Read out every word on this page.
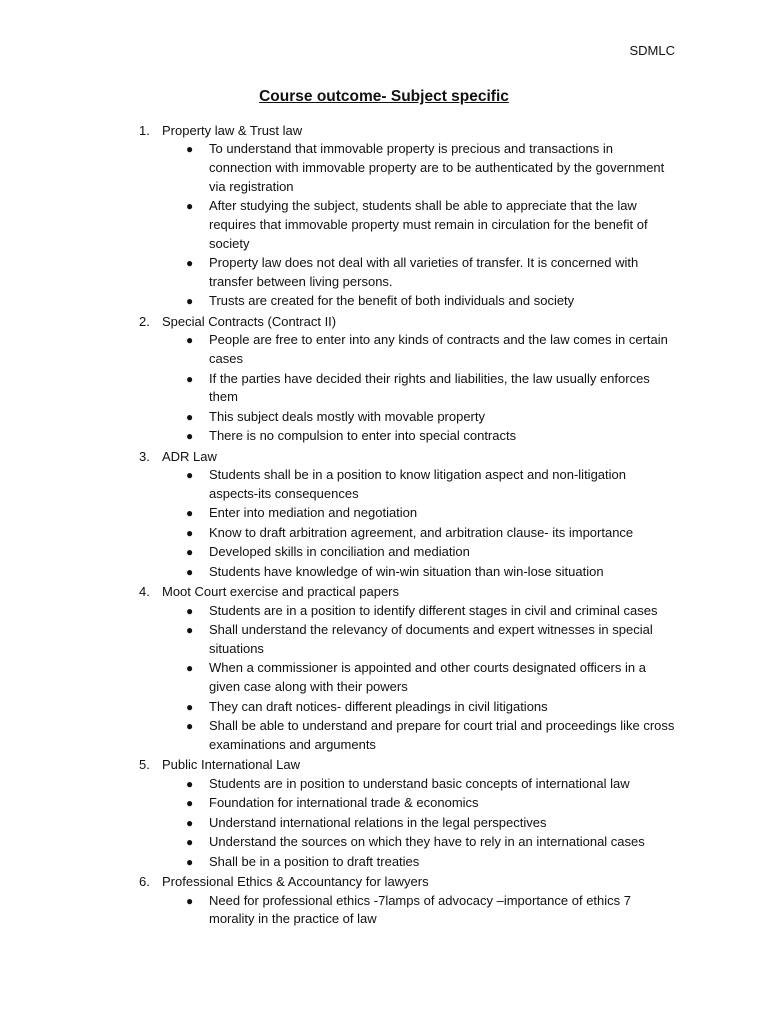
SDMLC
Course outcome- Subject specific
1. Property law & Trust law
● To understand that immovable property is precious and transactions in connection with immovable property are to be authenticated by the government via registration
● After studying the subject, students shall be able to appreciate that the law requires that immovable property must remain in circulation for the benefit of society
● Property law does not deal with all varieties of transfer. It is concerned with transfer between living persons.
● Trusts are created for the benefit of both individuals and society
2. Special Contracts (Contract II)
● People are free to enter into any kinds of contracts and the law comes in certain cases
● If the parties have decided their rights and liabilities, the law usually enforces them
● This subject deals mostly with movable property
● There is no compulsion to enter into special contracts
3. ADR Law
● Students shall be in a position to know litigation aspect and non-litigation aspects-its consequences
● Enter into mediation and negotiation
● Know to draft arbitration agreement, and arbitration clause- its importance
● Developed skills in conciliation and mediation
● Students have knowledge of win-win situation than win-lose situation
4. Moot Court exercise and practical papers
● Students are in a position to identify different stages in civil and criminal cases
● Shall understand the relevancy of documents and expert witnesses in special situations
● When a commissioner is appointed and other courts designated officers in a given case along with their powers
● They can draft notices- different pleadings in civil litigations
● Shall be able to understand and prepare for court trial and proceedings like cross examinations and arguments
5. Public International Law
● Students are in position to understand basic concepts of international law
● Foundation for international trade & economics
● Understand international relations in the legal perspectives
● Understand the sources on which they have to rely in an international cases
● Shall be in a position to draft treaties
6. Professional Ethics & Accountancy for lawyers
● Need for professional ethics -7lamps of advocacy –importance of ethics 7 morality in the practice of law
